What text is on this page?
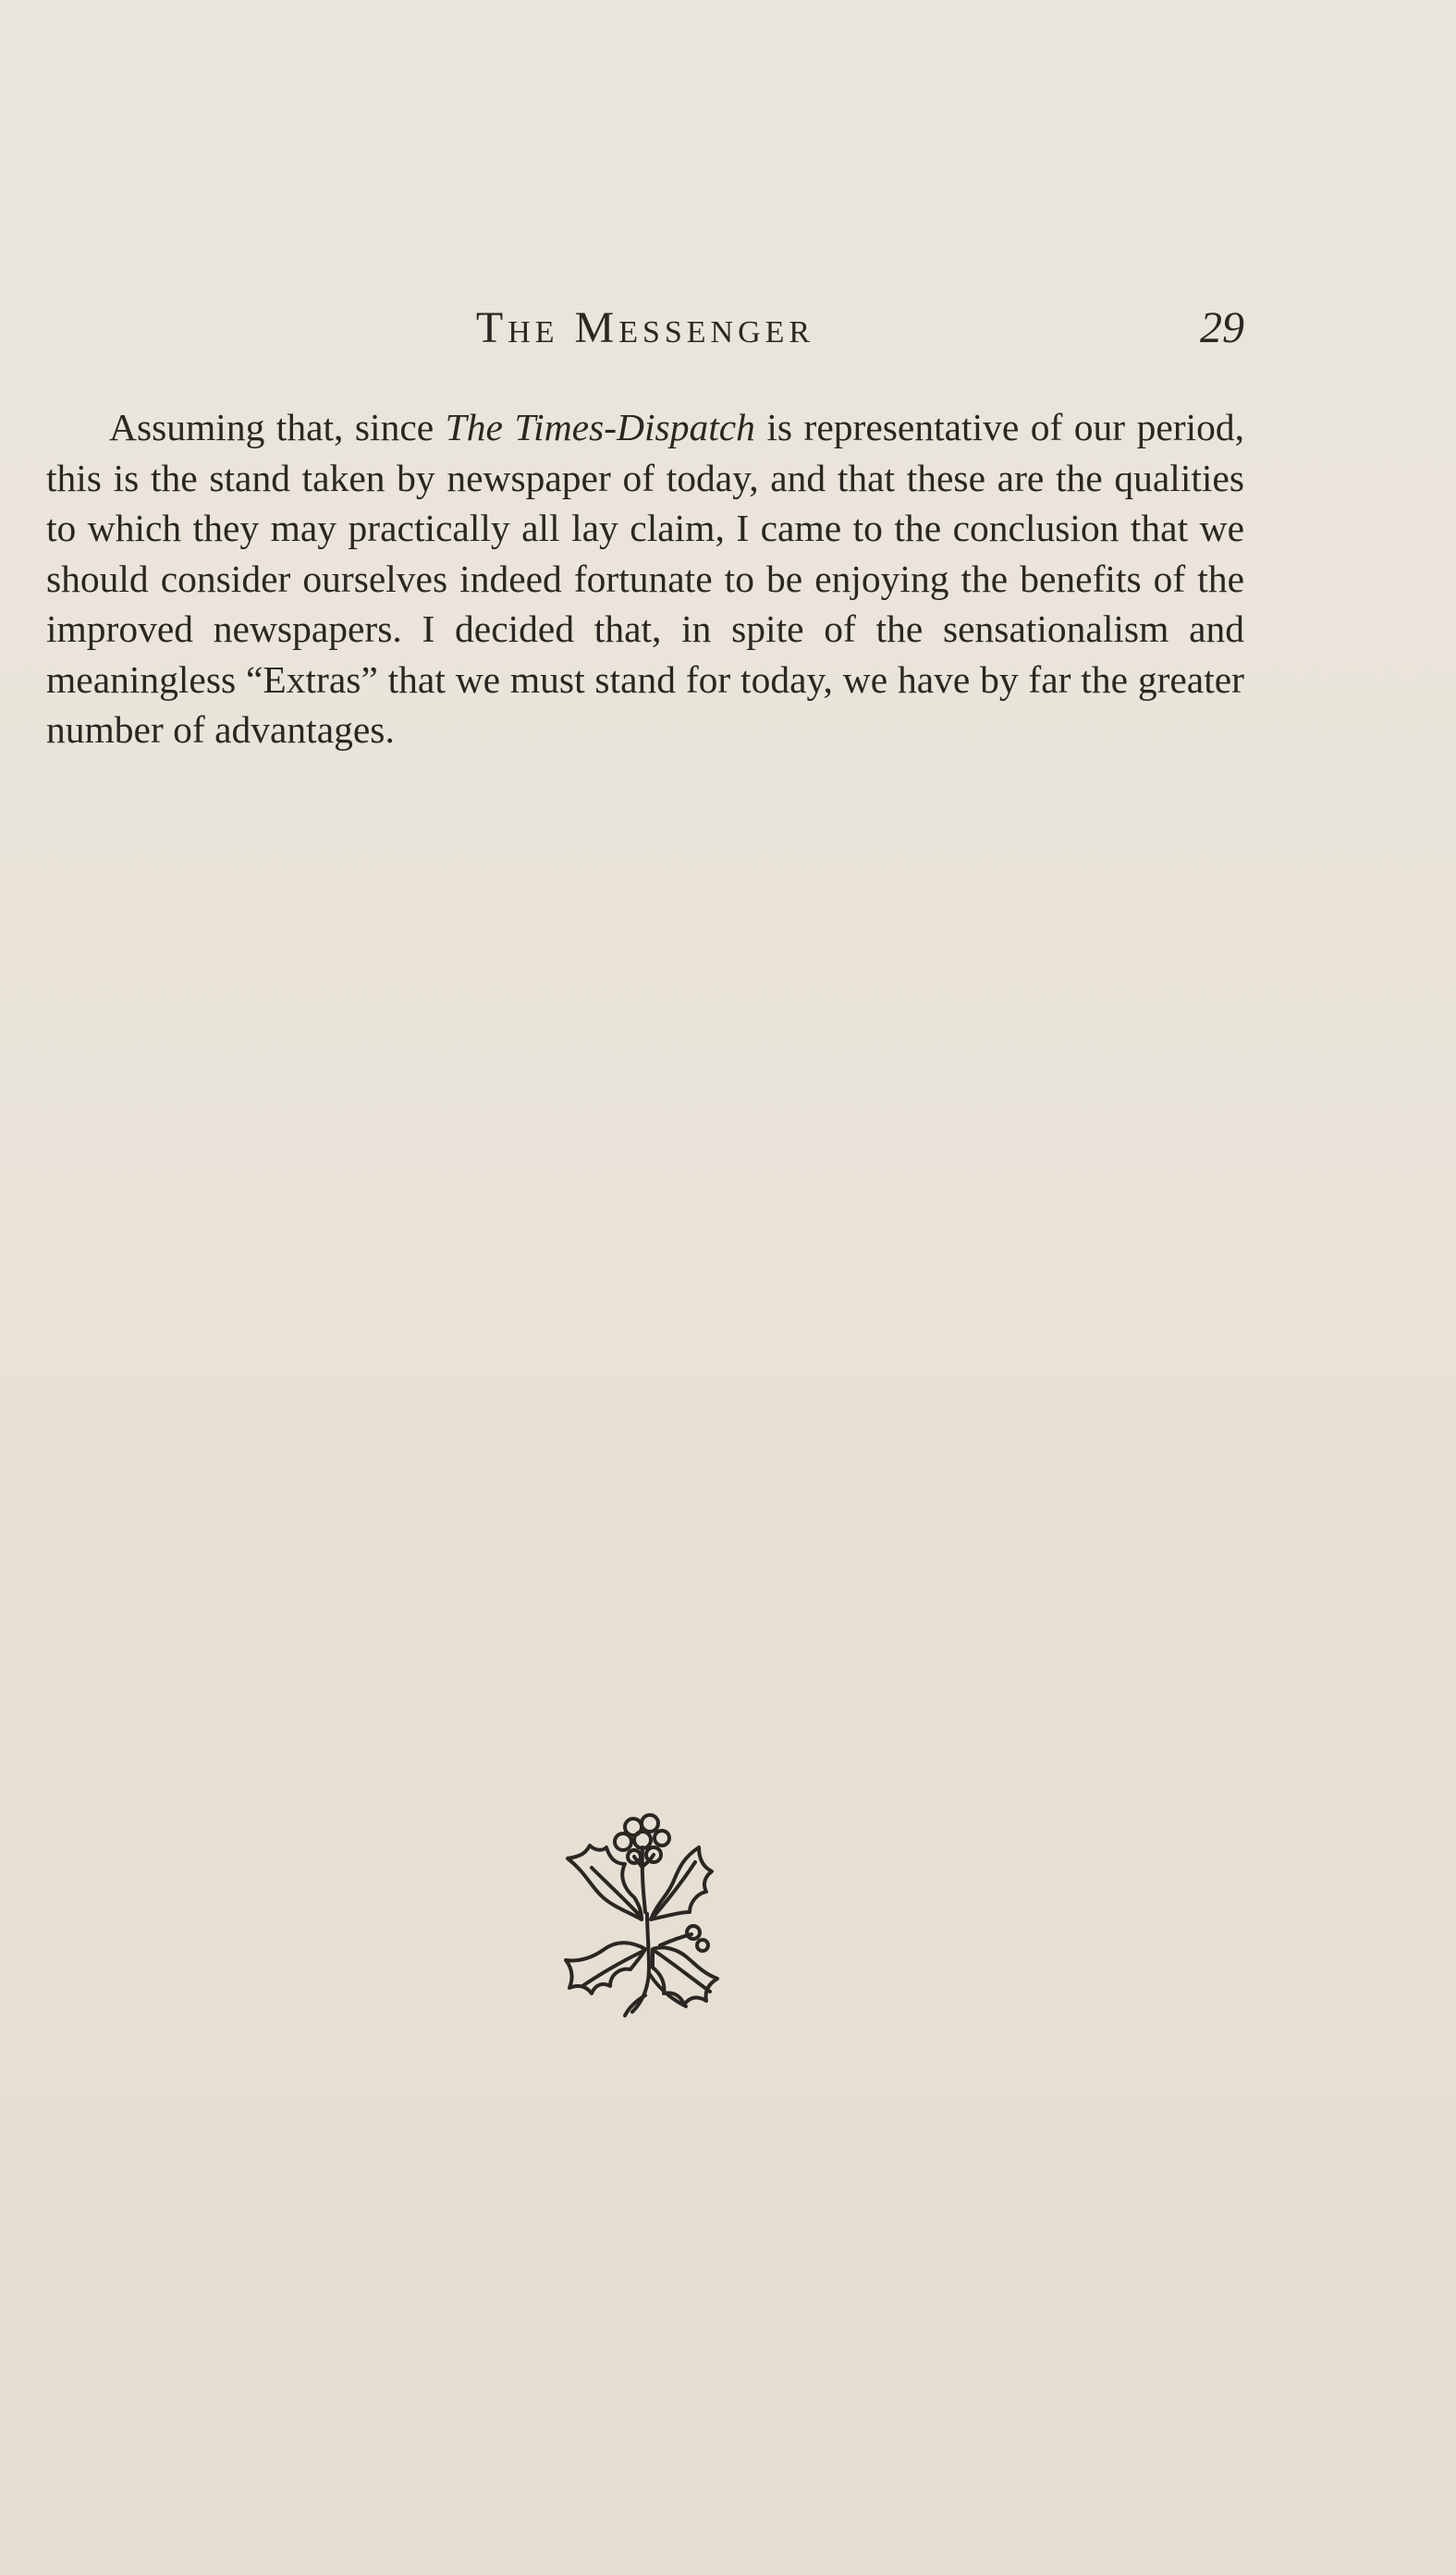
The Messenger	29

Assuming that, since The Times-Dispatch is representative of our period, this is the stand taken by newspaper of today, and that these are the qualities to which they may practically all lay claim, I came to the conclusion that we should consider ourselves indeed fortunate to be enjoying the benefits of the improved newspapers. I decided that, in spite of the sensationalism and meaningless “Extras” that we must stand for today, we have by far the greater number of advantages.
